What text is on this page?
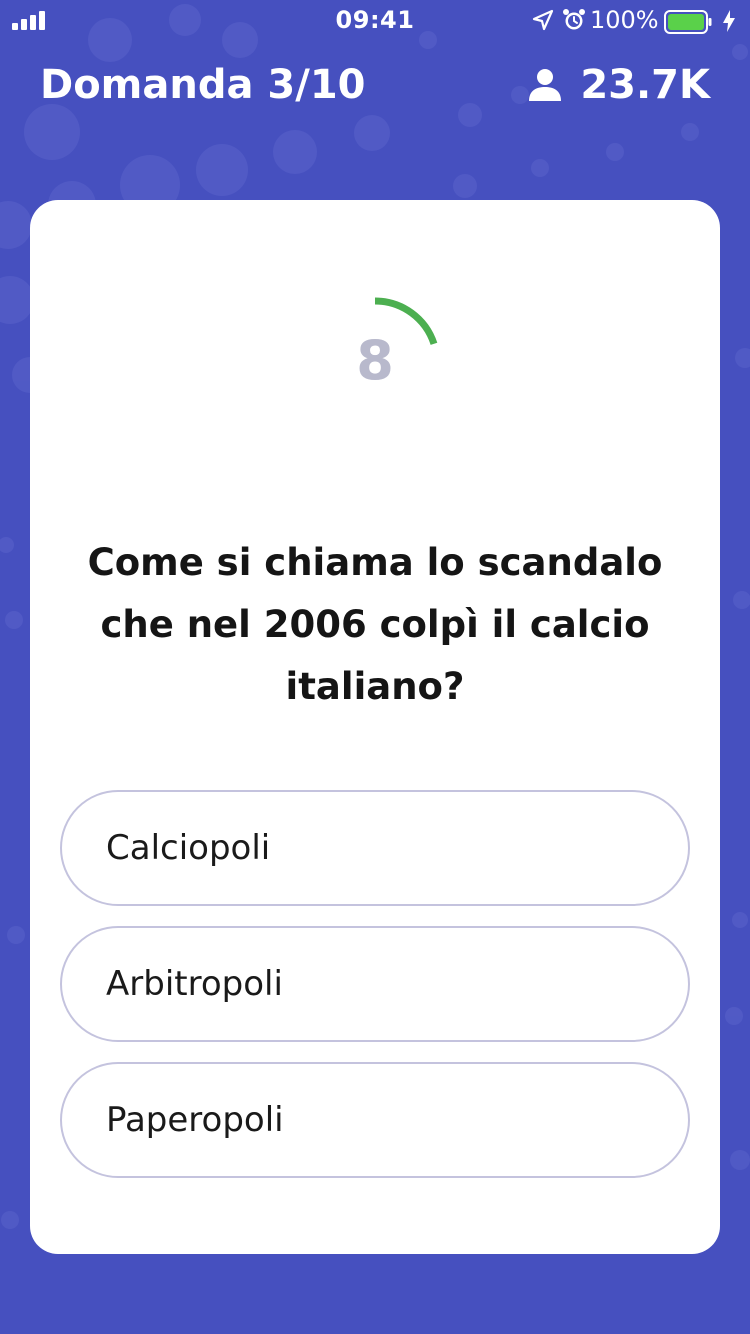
09:41	100%
Domanda 3/10	23.7K
8
Come si chiama lo scandalo che nel 2006 colpì il calcio italiano?
Calciopoli
Arbitropoli
Paperopoli
